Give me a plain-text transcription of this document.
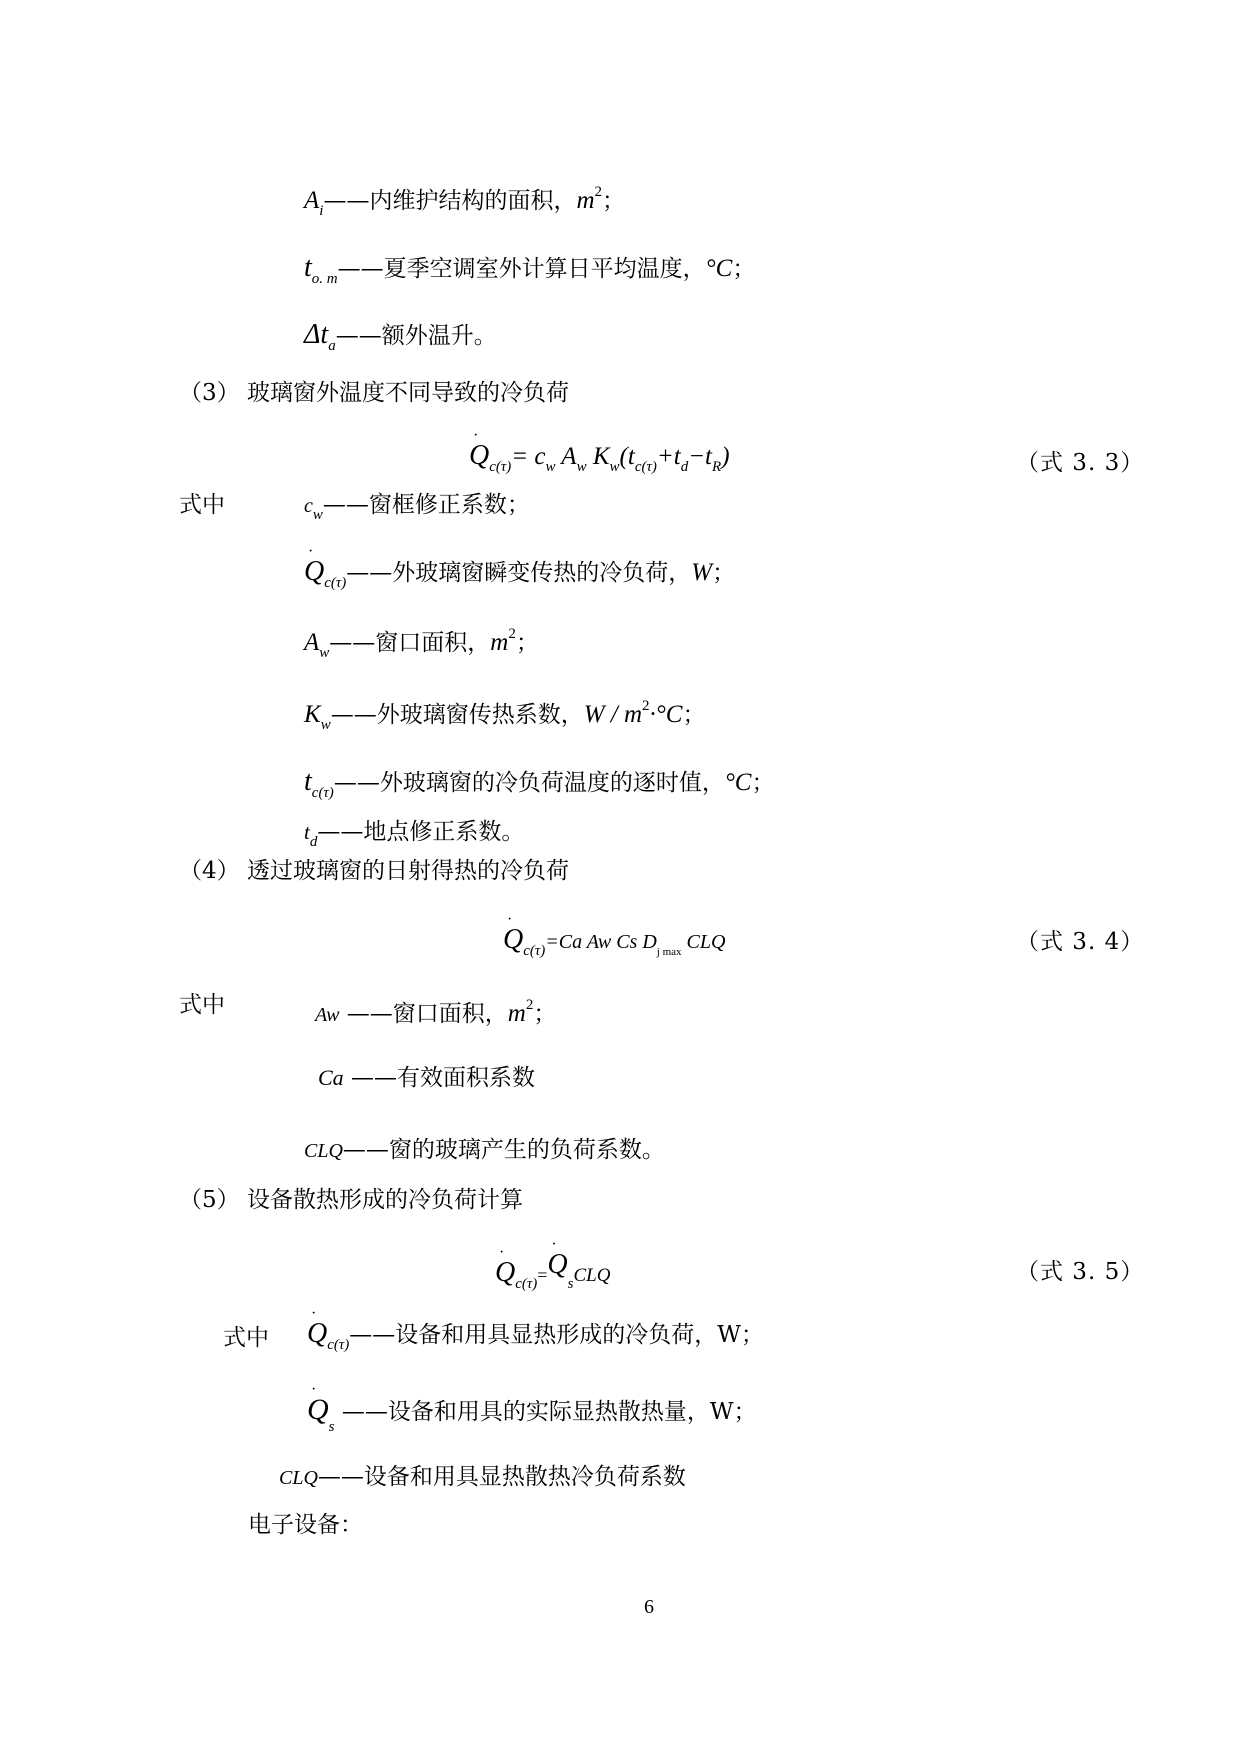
$A_i——$内维护结构的面积，$m^2$；
$t_{o. m}——$夏季空调室外计算日平均温度，°C；
$\Delta t_a——$额外温升。
（3） 玻璃窗外温度不同导致的冷负荷
· $Q_{c(\tau)}= c_w$ $A_w$ $K_w(t_{c(\tau)}+t_d-t_R)$	（式 3. 3）
式中	$c_w——$窗框修正系数；
· $Q_{c(\tau)}——$外玻璃窗瞬变传热的冷负荷，W；
$A_w——$窗口面积，$m^2$；
$K_w——$外玻璃窗传热系数，$W / m^2\cdot^\circ C$；
$t_{c(\tau)}——$外玻璃窗的冷负荷温度的逐时值，°C；
$t_d——$地点修正系数。
（4） 透过玻璃窗的日射得热的冷负荷
· $Q_{c(\tau)}=Ca$ Aw Cs $D_{j max}$ CLQ	（式 3. 4）
式中	Aw ——窗口面积，$m^2$；
Ca ——有效面积系数
CLQ——窗的玻璃产生的负荷系数。
（5） 设备散热形成的冷负荷计算
· $Q_{c(\tau)}=\cdot Q_sCLQ$	（式 3. 5）
式中 · $Q_{c(\tau)}——$设备和用具显热形成的冷负荷，W；
· $Q_s$ ——设备和用具的实际显热散热量，W；
CLQ——设备和用具显热散热冷负荷系数
电子设备：
6
